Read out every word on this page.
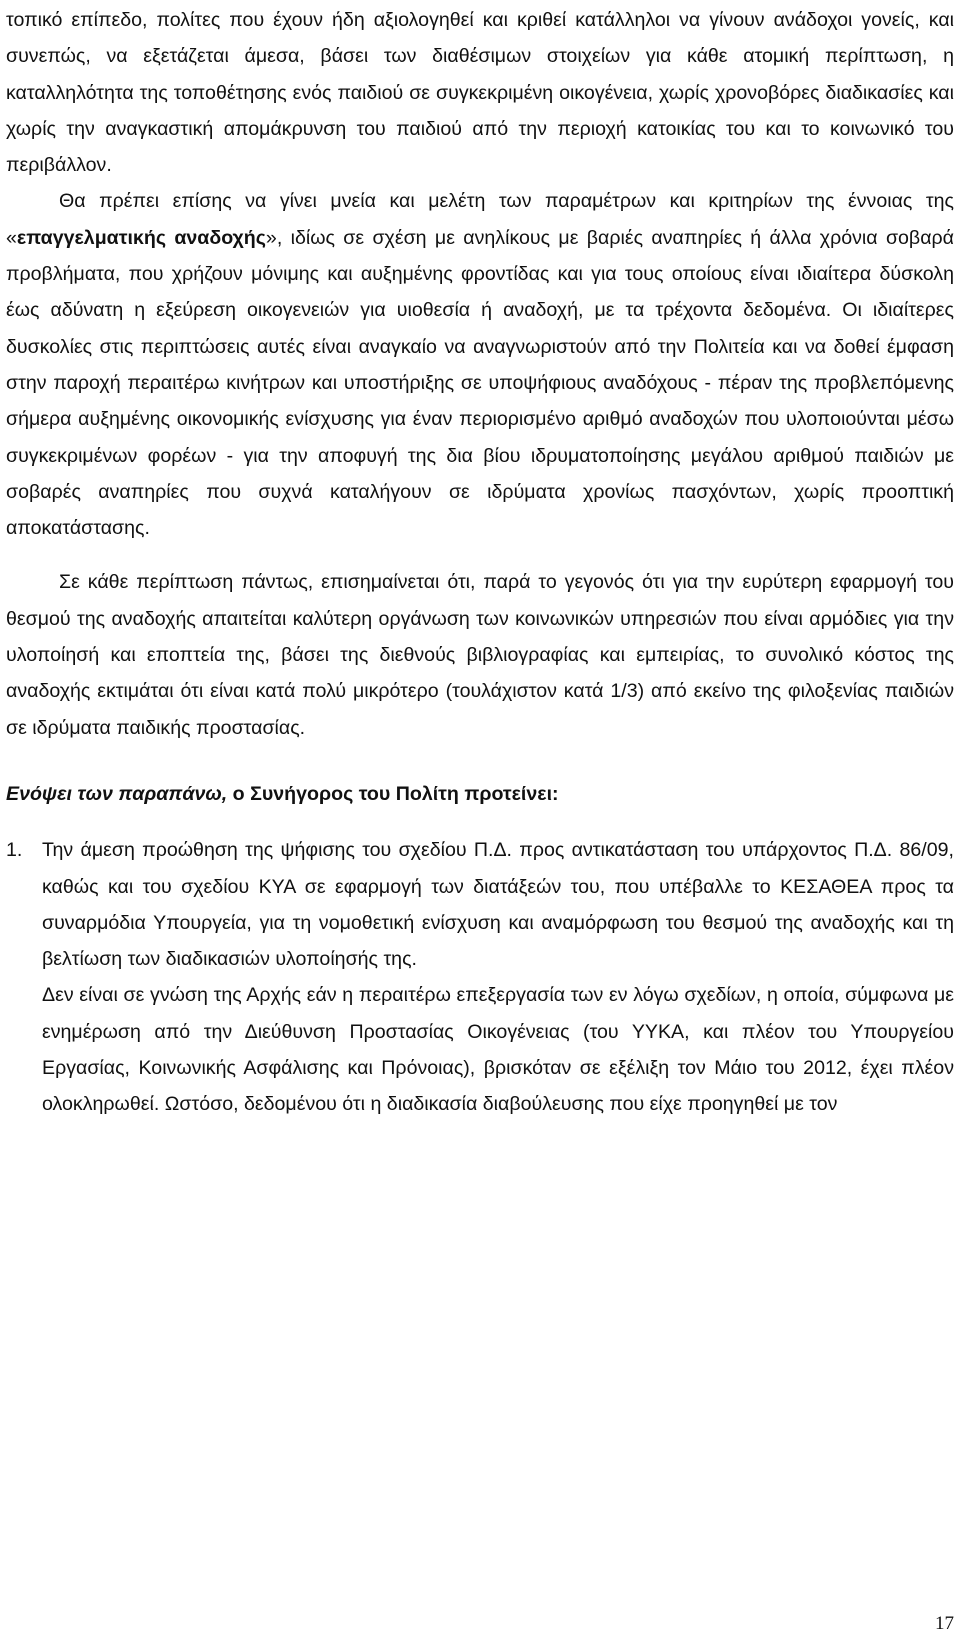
τοπικό επίπεδο, πολίτες που έχουν ήδη αξιολογηθεί και κριθεί κατάλληλοι να γίνουν ανάδοχοι γονείς, και συνεπώς, να εξετάζεται άμεσα, βάσει των διαθέσιμων στοιχείων για κάθε ατομική περίπτωση, η καταλληλότητα της τοποθέτησης ενός παιδιού σε συγκεκριμένη οικογένεια, χωρίς χρονοβόρες διαδικασίες και χωρίς την αναγκαστική απομάκρυνση του παιδιού από την περιοχή κατοικίας του και το κοινωνικό του περιβάλλον.

Θα πρέπει επίσης να γίνει μνεία και μελέτη των παραμέτρων και κριτηρίων της έννοιας της «επαγγελματικής αναδοχής», ιδίως σε σχέση με ανηλίκους με βαριές αναπηρίες ή άλλα χρόνια σοβαρά προβλήματα, που χρήζουν μόνιμης και αυξημένης φροντίδας και για τους οποίους είναι ιδιαίτερα δύσκολη έως αδύνατη η εξεύρεση οικογενειών για υιοθεσία ή αναδοχή, με τα τρέχοντα δεδομένα. Οι ιδιαίτερες δυσκολίες στις περιπτώσεις αυτές είναι αναγκαίο να αναγνωριστούν από την Πολιτεία και να δοθεί έμφαση στην παροχή περαιτέρω κινήτρων και υποστήριξης σε υποψήφιους αναδόχους - πέραν της προβλεπόμενης σήμερα αυξημένης οικονομικής ενίσχυσης για έναν περιορισμένο αριθμό αναδοχών που υλοποιούνται μέσω συγκεκριμένων φορέων - για την αποφυγή της δια βίου ιδρυματοποίησης μεγάλου αριθμού παιδιών με σοβαρές αναπηρίες που συχνά καταλήγουν σε ιδρύματα χρονίως πασχόντων, χωρίς προοπτική αποκατάστασης.

Σε κάθε περίπτωση πάντως, επισημαίνεται ότι, παρά το γεγονός ότι για την ευρύτερη εφαρμογή του θεσμού της αναδοχής απαιτείται καλύτερη οργάνωση των κοινωνικών υπηρεσιών που είναι αρμόδιες για την υλοποίησή και εποπτεία της, βάσει της διεθνούς βιβλιογραφίας και εμπειρίας, το συνολικό κόστος της αναδοχής εκτιμάται ότι είναι κατά πολύ μικρότερο (τουλάχιστον κατά 1/3) από εκείνο της φιλοξενίας παιδιών σε ιδρύματα παιδικής προστασίας.

Ενόψει των παραπάνω, ο Συνήγορος του Πολίτη προτείνει:

1. Την άμεση προώθηση της ψήφισης του σχεδίου Π.Δ. προς αντικατάσταση του υπάρχοντος Π.Δ. 86/09, καθώς και του σχεδίου ΚΥΑ σε εφαρμογή των διατάξεών του, που υπέβαλλε το ΚΕΣΑΘΕΑ προς τα συναρμόδια Υπουργεία, για τη νομοθετική ενίσχυση και αναμόρφωση του θεσμού της αναδοχής και τη βελτίωση των διαδικασιών υλοποίησής της.

Δεν είναι σε γνώση της Αρχής εάν η περαιτέρω επεξεργασία των εν λόγω σχεδίων, η οποία, σύμφωνα με ενημέρωση από την Διεύθυνση Προστασίας Οικογένειας (του ΥΥΚΑ, και πλέον του Υπουργείου Εργασίας, Κοινωνικής Ασφάλισης και Πρόνοιας), βρισκόταν σε εξέλιξη τον Μάιο του 2012, έχει πλέον ολοκληρωθεί. Ωστόσο, δεδομένου ότι η διαδικασία διαβούλευσης που είχε προηγηθεί με τον

17
